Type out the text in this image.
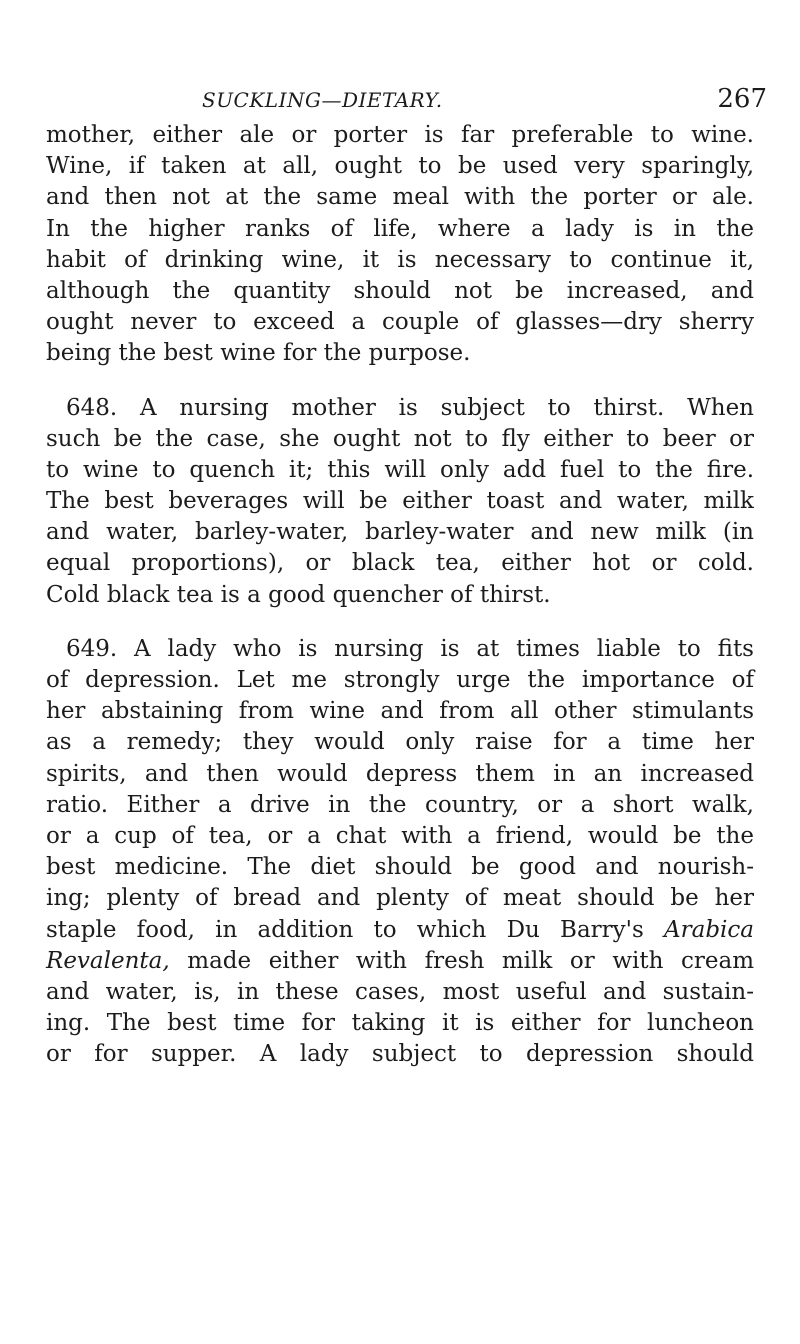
SUCKLING—DIETARY.	267
mother, either ale or porter is far preferable to wine.
Wine, if taken at all, ought to be used very sparingly,
and then not at the same meal with the porter or ale.
In the higher ranks of life, where a lady is in the
habit of drinking wine, it is necessary to continue it,
although the quantity should not be increased, and
ought never to exceed a couple of glasses—dry sherry
being the best wine for the purpose.
648. A nursing mother is subject to thirst. When
such be the case, she ought not to fly either to beer or
to wine to quench it; this will only add fuel to the fire.
The best beverages will be either toast and water, milk
and water, barley-water, barley-water and new milk (in
equal proportions), or black tea, either hot or cold.
Cold black tea is a good quencher of thirst.
649. A lady who is nursing is at times liable to fits
of depression. Let me strongly urge the importance of
her abstaining from wine and from all other stimulants
as a remedy; they would only raise for a time her
spirits, and then would depress them in an increased
ratio. Either a drive in the country, or a short walk,
or a cup of tea, or a chat with a friend, would be the
best medicine. The diet should be good and nourish-
ing; plenty of bread and plenty of meat should be her
staple food, in addition to which Du Barry's Arabica
Revalenta, made either with fresh milk or with cream
and water, is, in these cases, most useful and sustain-
ing. The best time for taking it is either for luncheon
or for supper. A lady subject to depression should
